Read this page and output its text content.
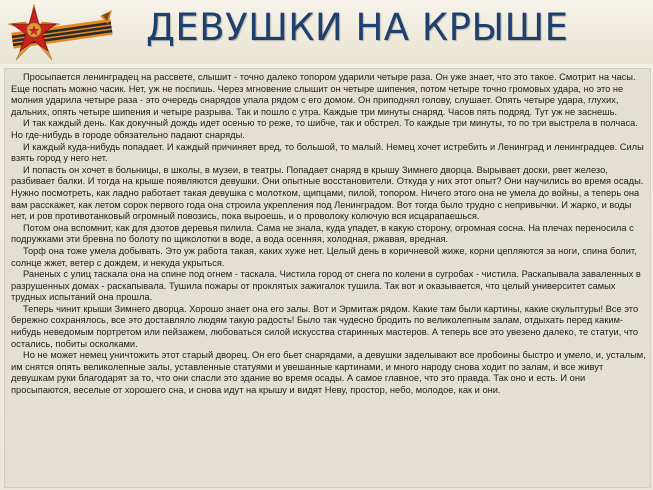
ДЕВУШКИ НА КРЫШЕ

Просыпается ленинградец на рассвете, слышит - точно далеко топором ударили четыре раза. Он уже знает, что это такое. Смотрит на часы. Еще поспать можно часик. Нет, уж не поспишь. Через мгновение слышит он четыре шипения, потом четыре точно громовых удара, но это не молния ударила четыре раза - это очередь снарядов упала рядом с его домом. Он приподнял голову, слушает. Опять четыре удара, глухих, дальних, опять четыре шипения и четыре разрыва. Так и пошло с утра. Каждые три минуты снаряд. Часов пять подряд. Тут уж не заснешь.

И так каждый день. Как докучный дождь идет осенью то реже, то шибче, так и обстрел. То каждые три минуты, то по три выстрела в полчаса. Но где-нибудь в городе обязательно падают снаряды.

И каждый куда-нибудь попадает. И каждый причиняет вред, то большой, то малый. Немец хочет истребить и Ленинград и ленинградцев. Силы взять город у него нет.

И попасть он хочет в больницы, в школы, в музеи, в театры. Попадает снаряд в крышу Зимнего дворца. Вырывает доски, рвет железо, разбивает балки. И тогда на крыше появляются девушки. Они опытные восстановители. Откуда у них этот опыт? Они научились во время осады. Нужно посмотреть, как ладно работает такая девушка с молотком, щипцами, пилой, топором. Ничего этого она не умела до войны, а теперь она вам расскажет, как летом сорок первого года она строила укрепления под Ленинградом. Вот тогда было трудно с непривычки. И жарко, и воды нет, и ров противотанковый огромный повозись, пока выроешь, и о проволоку колючую вся исцарапаешься.

Потом она вспомнит, как для дзотов деревья пилила. Сама не знала, куда упадет, в какую сторону, огромная сосна. На плечах переносила с подружками эти бревна по болоту по щиколотки в воде, а вода осенняя, холодная, ржавая, вредная.

Торф она тоже умела добывать. Это уж работа такая, каких хуже нет. Целый день в коричневой жиже, корни цепляются за ноги, спина болит, солнце жжет, ветер с дождем, и некуда укрыться.

Раненых с улиц таскала она на спине под огнем - таскала. Чистила город от снега по колени в сугробах - чистила. Раскапывала заваленных в разрушенных домах - раскапывала. Тушила пожары от проклятых зажигалок тушила. Так вот и оказывается, что целый университет самых трудных испытаний она прошла.

Теперь чинит крыши Зимнего дворца. Хорошо знает она его залы. Вот и Эрмитаж рядом. Какие там были картины, какие скульптуры! Все это бережно сохранялось, все это доставляло людям такую радость! Было так чудесно бродить по великолепным залам, отдыхать перед каким-нибудь неведомым портретом или пейзажем, любоваться силой искусства старинных мастеров. А теперь все это увезено далеко, те статуи, что остались, побиты осколками.

Но не может немец уничтожить этот старый дворец. Он его бьет снарядами, а девушки заделывают все пробоины быстро и умело, и, усталым, им снятся опять великолепные залы, уставленные статуями и увешанные картинами, и много народу снова ходит по залам, и все живут девушкам руки благодарят за то, что они спасли это здание во время осады. А самое главное, что это правда. Так оно и есть. И они просыпаются, веселые от хорошего сна, и снова идут на крышу и видят Неву, простор, небо, молодое, как и они.
